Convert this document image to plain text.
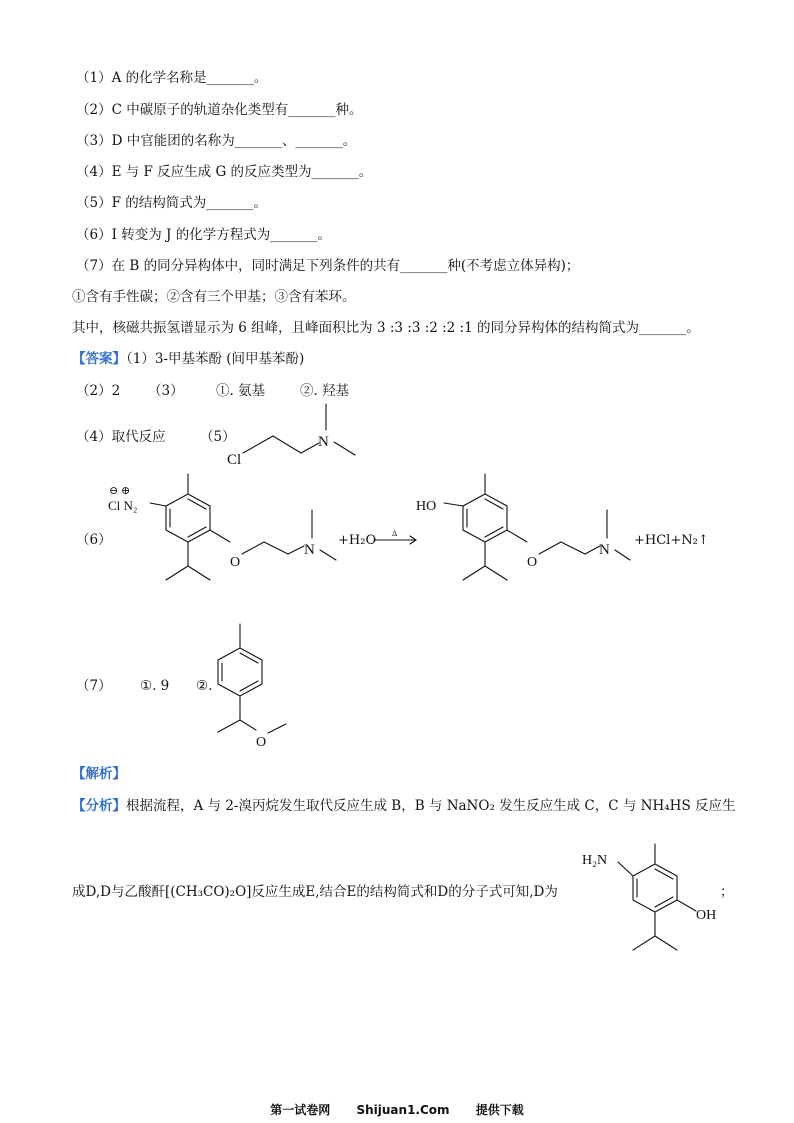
（1）A 的化学名称是_______。
（2）C 中碳原子的轨道杂化类型有_______种。
（3）D 中官能团的名称为_______、_______。
（4）E 与 F 反应生成 G 的反应类型为_______。
（5）F 的结构简式为_______。
（6）I 转变为 J 的化学方程式为_______。
（7）在 B 的同分异构体中，同时满足下列条件的共有_______种(不考虑立体异构)；
①含有手性碳；②含有三个甲基；③含有苯环。
其中，核磁共振氢谱显示为 6 组峰，且峰面积比为 3 :3 :3 :2 :2 :1 的同分异构体的结构简式为_______。
【答案】（1）3-甲基苯酚 (间甲基苯酚)
（2）2 （3） ①. 氨基	②. 羟基
（4）取代反应	（5）
Cl
N
（6）
⊖ ⊕
Cl N₂
O
N
+H₂O Δ
HO
O
N
+HCl+N₂↑
（7） ①. 9 ②.
O
【解析】
【分析】根据流程，A 与 2-溴丙烷发生取代反应生成 B，B 与 NaNO₂ 发生反应生成 C，C 与 NH₄HS 反应生
成D,D与乙酸酐[(CH₃CO)₂O]反应生成E,结合E的结构简式和D的分子式可知,D为
H₂N
OH
；
第一试卷网 Shijuan1.Com 提供下载
